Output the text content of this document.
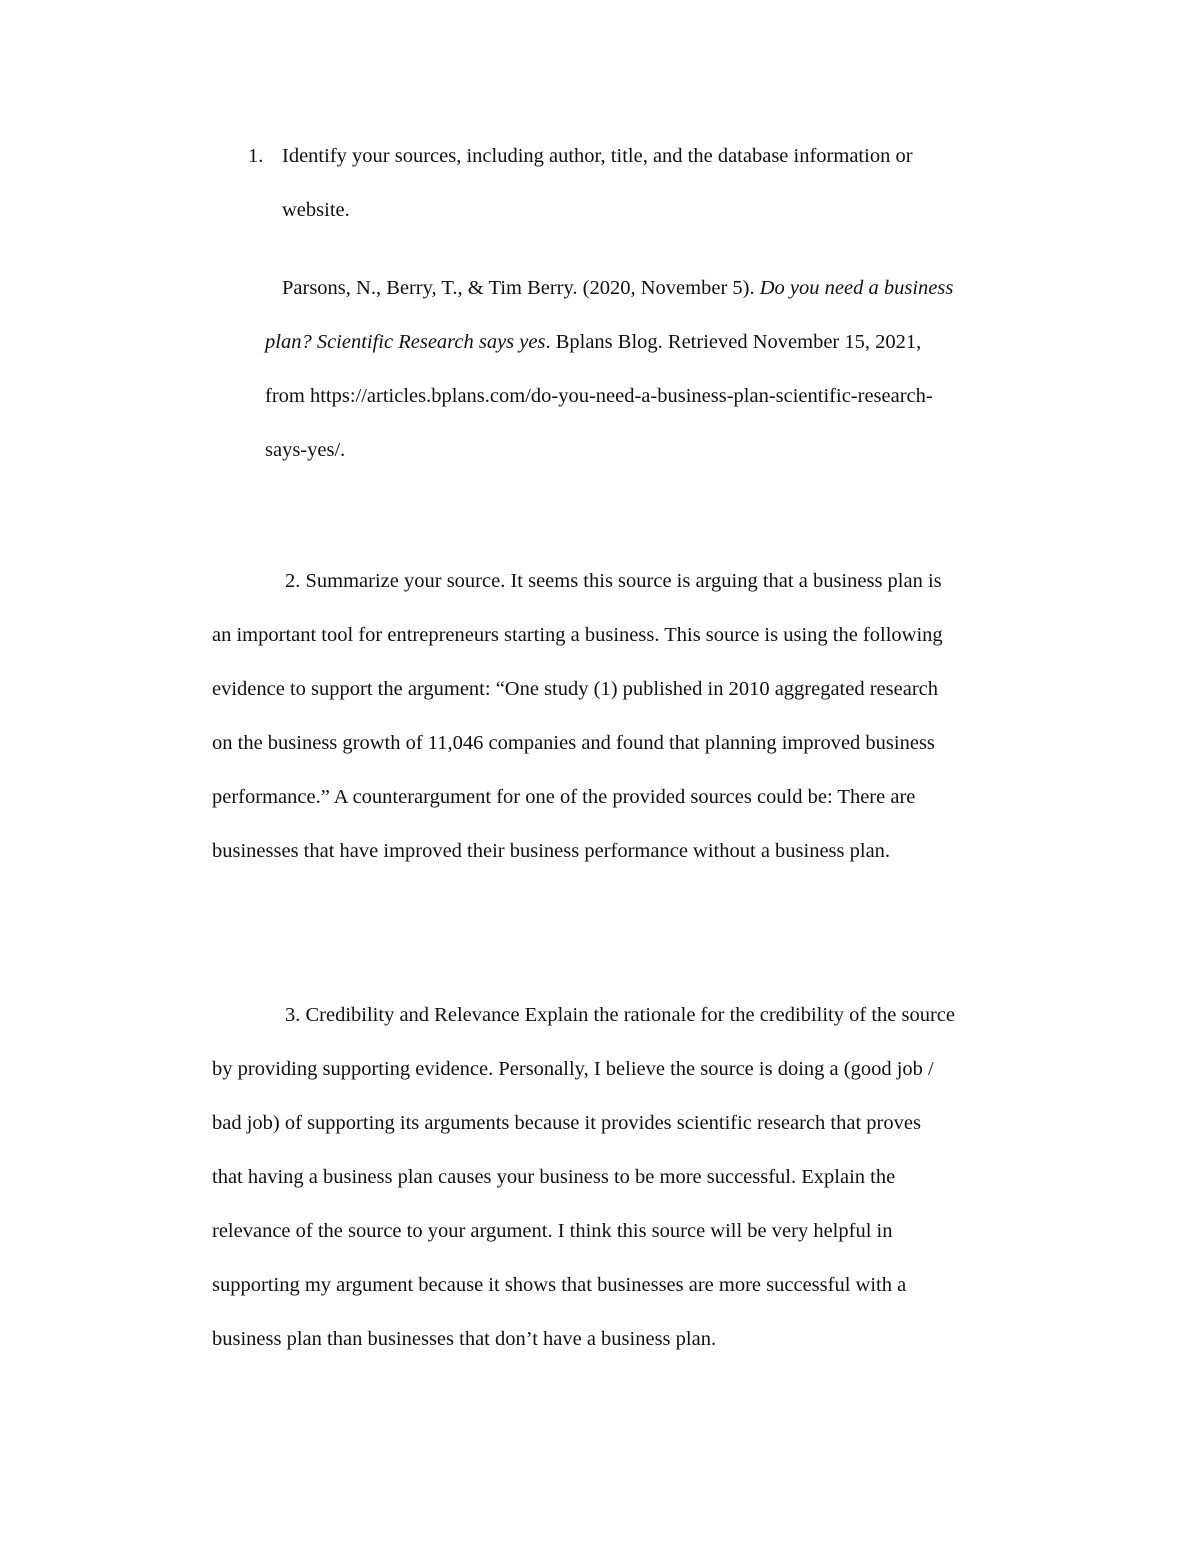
1. Identify your sources, including author, title, and the database information or
website.
Parsons, N., Berry, T., & Tim Berry. (2020, November 5). Do you need a business
plan? Scientific Research says yes. Bplans Blog. Retrieved November 15, 2021,
from https://articles.bplans.com/do-you-need-a-business-plan-scientific-research-
says-yes/.
2. Summarize your source. It seems this source is arguing that a business plan is
an important tool for entrepreneurs starting a business. This source is using the following
evidence to support the argument: “One study (1) published in 2010 aggregated research
on the business growth of 11,046 companies and found that planning improved business
performance.” A counterargument for one of the provided sources could be: There are
businesses that have improved their business performance without a business plan.
3. Credibility and Relevance Explain the rationale for the credibility of the source
by providing supporting evidence. Personally, I believe the source is doing a (good job /
bad job) of supporting its arguments because it provides scientific research that proves
that having a business plan causes your business to be more successful. Explain the
relevance of the source to your argument. I think this source will be very helpful in
supporting my argument because it shows that businesses are more successful with a
business plan than businesses that don’t have a business plan.
